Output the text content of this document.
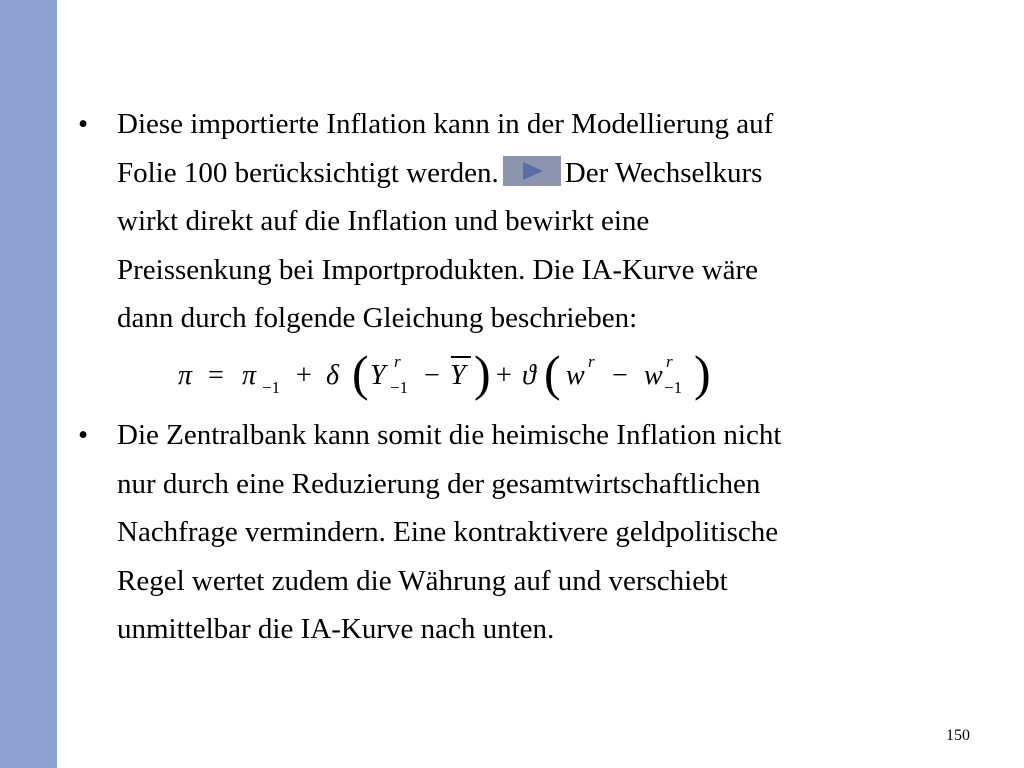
• Diese importierte Inflation kann in der Modellierung auf
Folie 100 berücksichtigt werden. Der Wechselkurs
wirkt direkt auf die Inflation und bewirkt eine
Preissenkung bei Importprodukten. Die IA-Kurve wäre
dann durch folgende Gleichung beschrieben:
π = π −1 + δ ( Y r
−1 − Y ) + ϑ ( w r − w r
−1 )
• Die Zentralbank kann somit die heimische Inflation nicht
nur durch eine Reduzierung der gesamtwirtschaftlichen
Nachfrage vermindern. Eine kontraktivere geldpolitische
Regel wertet zudem die Währung auf und verschiebt
unmittelbar die IA-Kurve nach unten.
150
